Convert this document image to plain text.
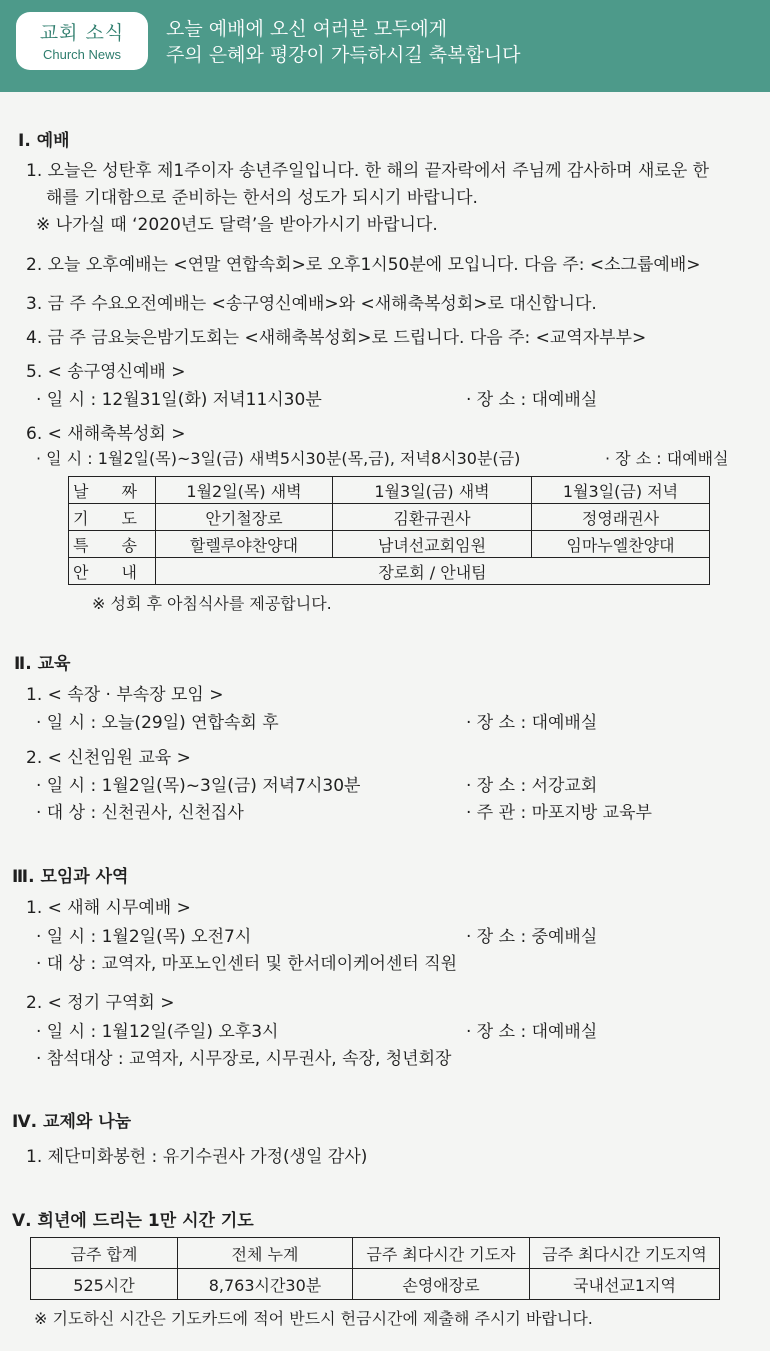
교회 소식
Church News
오늘 예배에 오신 여러분 모두에게
주의 은혜와 평강이 가득하시길 축복합니다
Ⅰ. 예배
1. 오늘은 성탄후 제1주이자 송년주일입니다. 한 해의 끝자락에서 주님께 감사하며 새로운 한
해를 기대함으로 준비하는 한서의 성도가 되시기 바랍니다.
※ 나가실 때 ‘2020년도 달력’을 받아가시기 바랍니다.
2. 오늘 오후예배는 <연말 연합속회>로 오후1시50분에 모입니다. 다음 주: <소그룹예배>
3. 금 주 수요오전예배는 <송구영신예배>와 <새해축복성회>로 대신합니다.
4. 금 주 금요늦은밤기도회는 <새해축복성회>로 드립니다. 다음 주: <교역자부부>
5. < 송구영신예배 >
· 일 시 : 12월31일(화) 저녁11시30분	· 장 소 : 대예배실
6. < 새해축복성회 >
· 일 시 : 1월2일(목)~3일(금) 새벽5시30분(목,금), 저녁8시30분(금)	· 장 소 : 대예배실
날 짜	1월2일(목) 새벽	1월3일(금) 새벽	1월3일(금) 저녁
기 도	안기철장로	김환규권사	정영래권사
특 송	할렐루야찬양대	남녀선교회임원	임마누엘찬양대
안 내	장로회 / 안내팀		
※ 성회 후 아침식사를 제공합니다.
Ⅱ. 교육
1. < 속장 · 부속장 모임 >
· 일 시 : 오늘(29일) 연합속회 후	· 장 소 : 대예배실
2. < 신천임원 교육 >
· 일 시 : 1월2일(목)~3일(금) 저녁7시30분	· 장 소 : 서강교회
· 대 상 : 신천권사, 신천집사	· 주 관 : 마포지방 교육부
Ⅲ. 모임과 사역
1. < 새해 시무예배 >
· 일 시 : 1월2일(목) 오전7시	· 장 소 : 중예배실
· 대 상 : 교역자, 마포노인센터 및 한서데이케어센터 직원
2. < 정기 구역회 >
· 일 시 : 1월12일(주일) 오후3시	· 장 소 : 대예배실
· 참석대상 : 교역자, 시무장로, 시무권사, 속장, 청년회장
Ⅳ. 교제와 나눔
1. 제단미화봉헌 : 유기수권사 가정(생일 감사)
Ⅴ. 희년에 드리는 1만 시간 기도
금주 합계	전체 누계	금주 최다시간 기도자	금주 최다시간 기도지역
525시간	8,763시간30분	손영애장로	국내선교1지역
※ 기도하신 시간은 기도카드에 적어 반드시 헌금시간에 제출해 주시기 바랍니다.
